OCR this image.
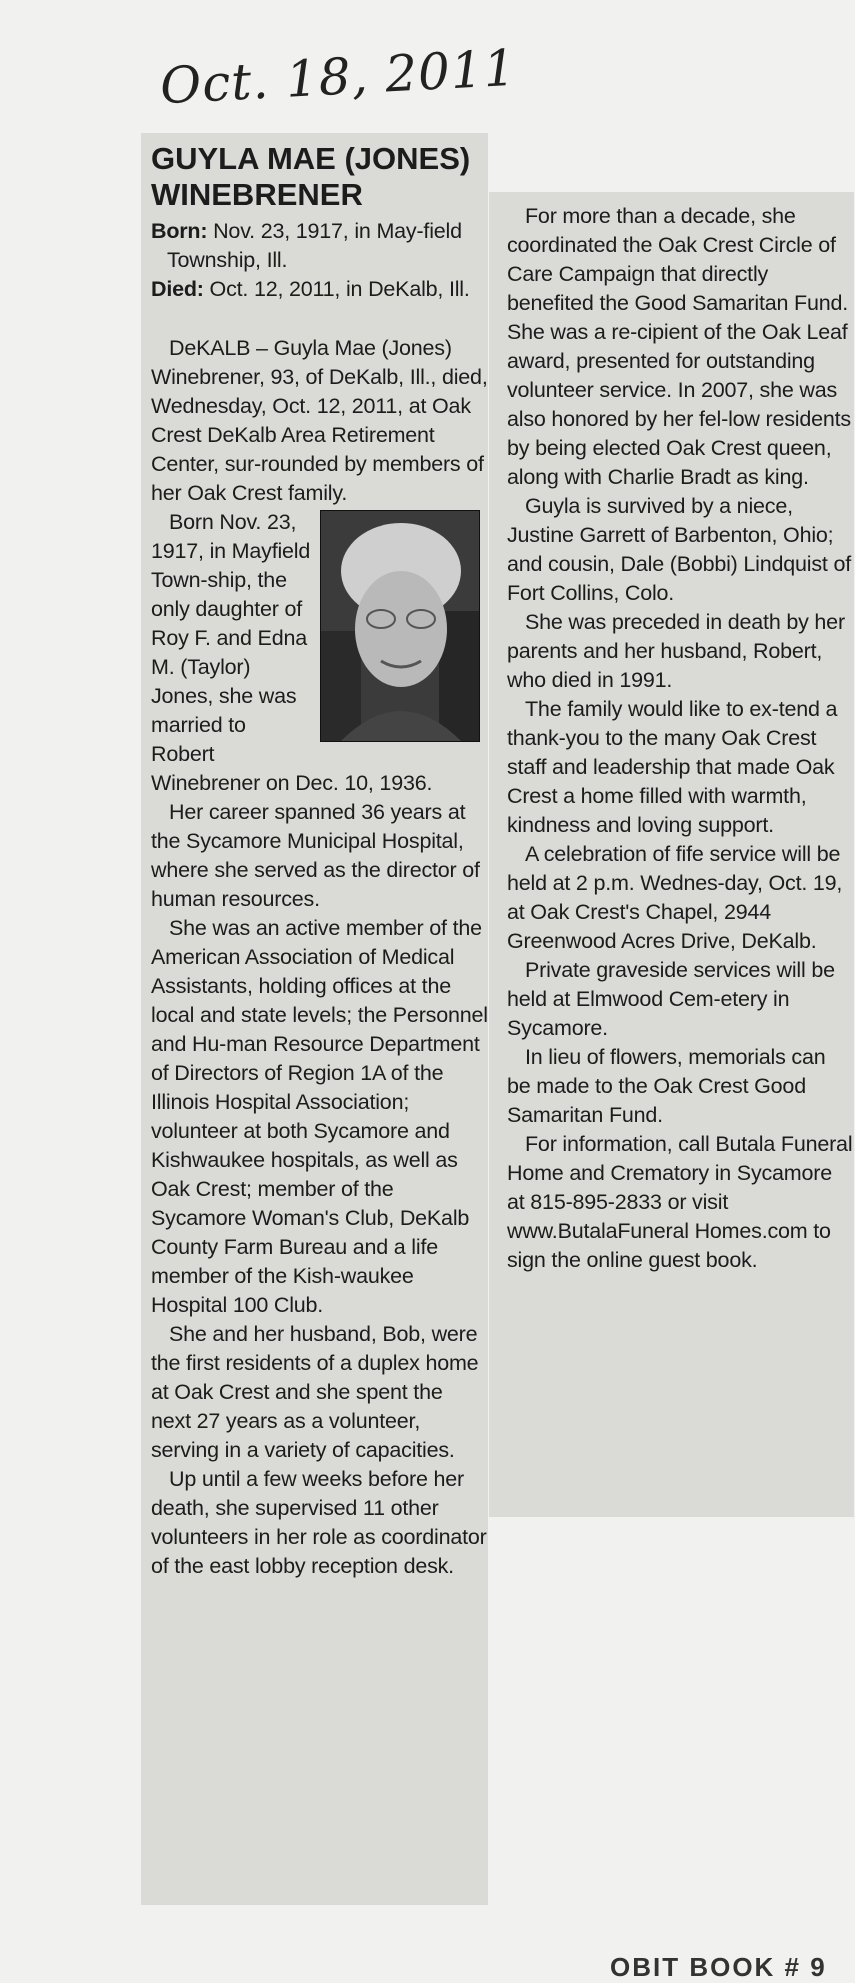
Oct. 18, 2011
GUYLA MAE (JONES)
WINEBRENER

Born: Nov. 23, 1917, in May-field Township, Ill.

Died: Oct. 12, 2011, in DeKalb, Ill.

DeKALB – Guyla Mae (Jones) Winebrener, 93, of DeKalb, Ill., died, Wednesday, Oct. 12, 2011, at Oak Crest DeKalb Area Retirement Center, sur-rounded by members of her Oak Crest family.

Born Nov. 23, 1917, in Mayfield Town-ship, the only daughter of Roy F. and Edna M. (Taylor) Jones, she was married to Robert Winebrener on Dec. 10, 1936.

Her career spanned 36 years at the Sycamore Municipal Hospital, where she served as the director of human resources.

She was an active member of the American Association of Medical Assistants, holding offices at the local and state levels; the Personnel and Hu-man Resource Department of Directors of Region 1A of the Illinois Hospital Association; volunteer at both Sycamore and Kishwaukee hospitals, as well as Oak Crest; member of the Sycamore Woman's Club, DeKalb County Farm Bureau and a life member of the Kish-waukee Hospital 100 Club.

She and her husband, Bob, were the first residents of a duplex home at Oak Crest and she spent the next 27 years as a volunteer, serving in a variety of capacities.

Up until a few weeks before her death, she supervised 11 other volunteers in her role as coordinator of the east lobby reception desk.

For more than a decade, she coordinated the Oak Crest Circle of Care Campaign that directly benefited the Good Samaritan Fund. She was a re-cipient of the Oak Leaf award, presented for outstanding volunteer service. In 2007, she was also honored by her fel-low residents by being elected Oak Crest queen, along with Charlie Bradt as king.

Guyla is survived by a niece, Justine Garrett of Barbenton, Ohio; and cousin, Dale (Bobbi) Lindquist of Fort Collins, Colo.

She was preceded in death by her parents and her husband, Robert, who died in 1991.

The family would like to ex-tend a thank-you to the many Oak Crest staff and leadership that made Oak Crest a home filled with warmth, kindness and loving support.

A celebration of fife service will be held at 2 p.m. Wednes-day, Oct. 19, at Oak Crest's Chapel, 2944 Greenwood Acres Drive, DeKalb.

Private graveside services will be held at Elmwood Cem-etery in Sycamore.

In lieu of flowers, memorials can be made to the Oak Crest Good Samaritan Fund.

For information, call Butala Funeral Home and Crematory in Sycamore at 815-895-2833 or visit www.ButalaFuneral Homes.com to sign the online guest book.

OBIT BOOK # 9
